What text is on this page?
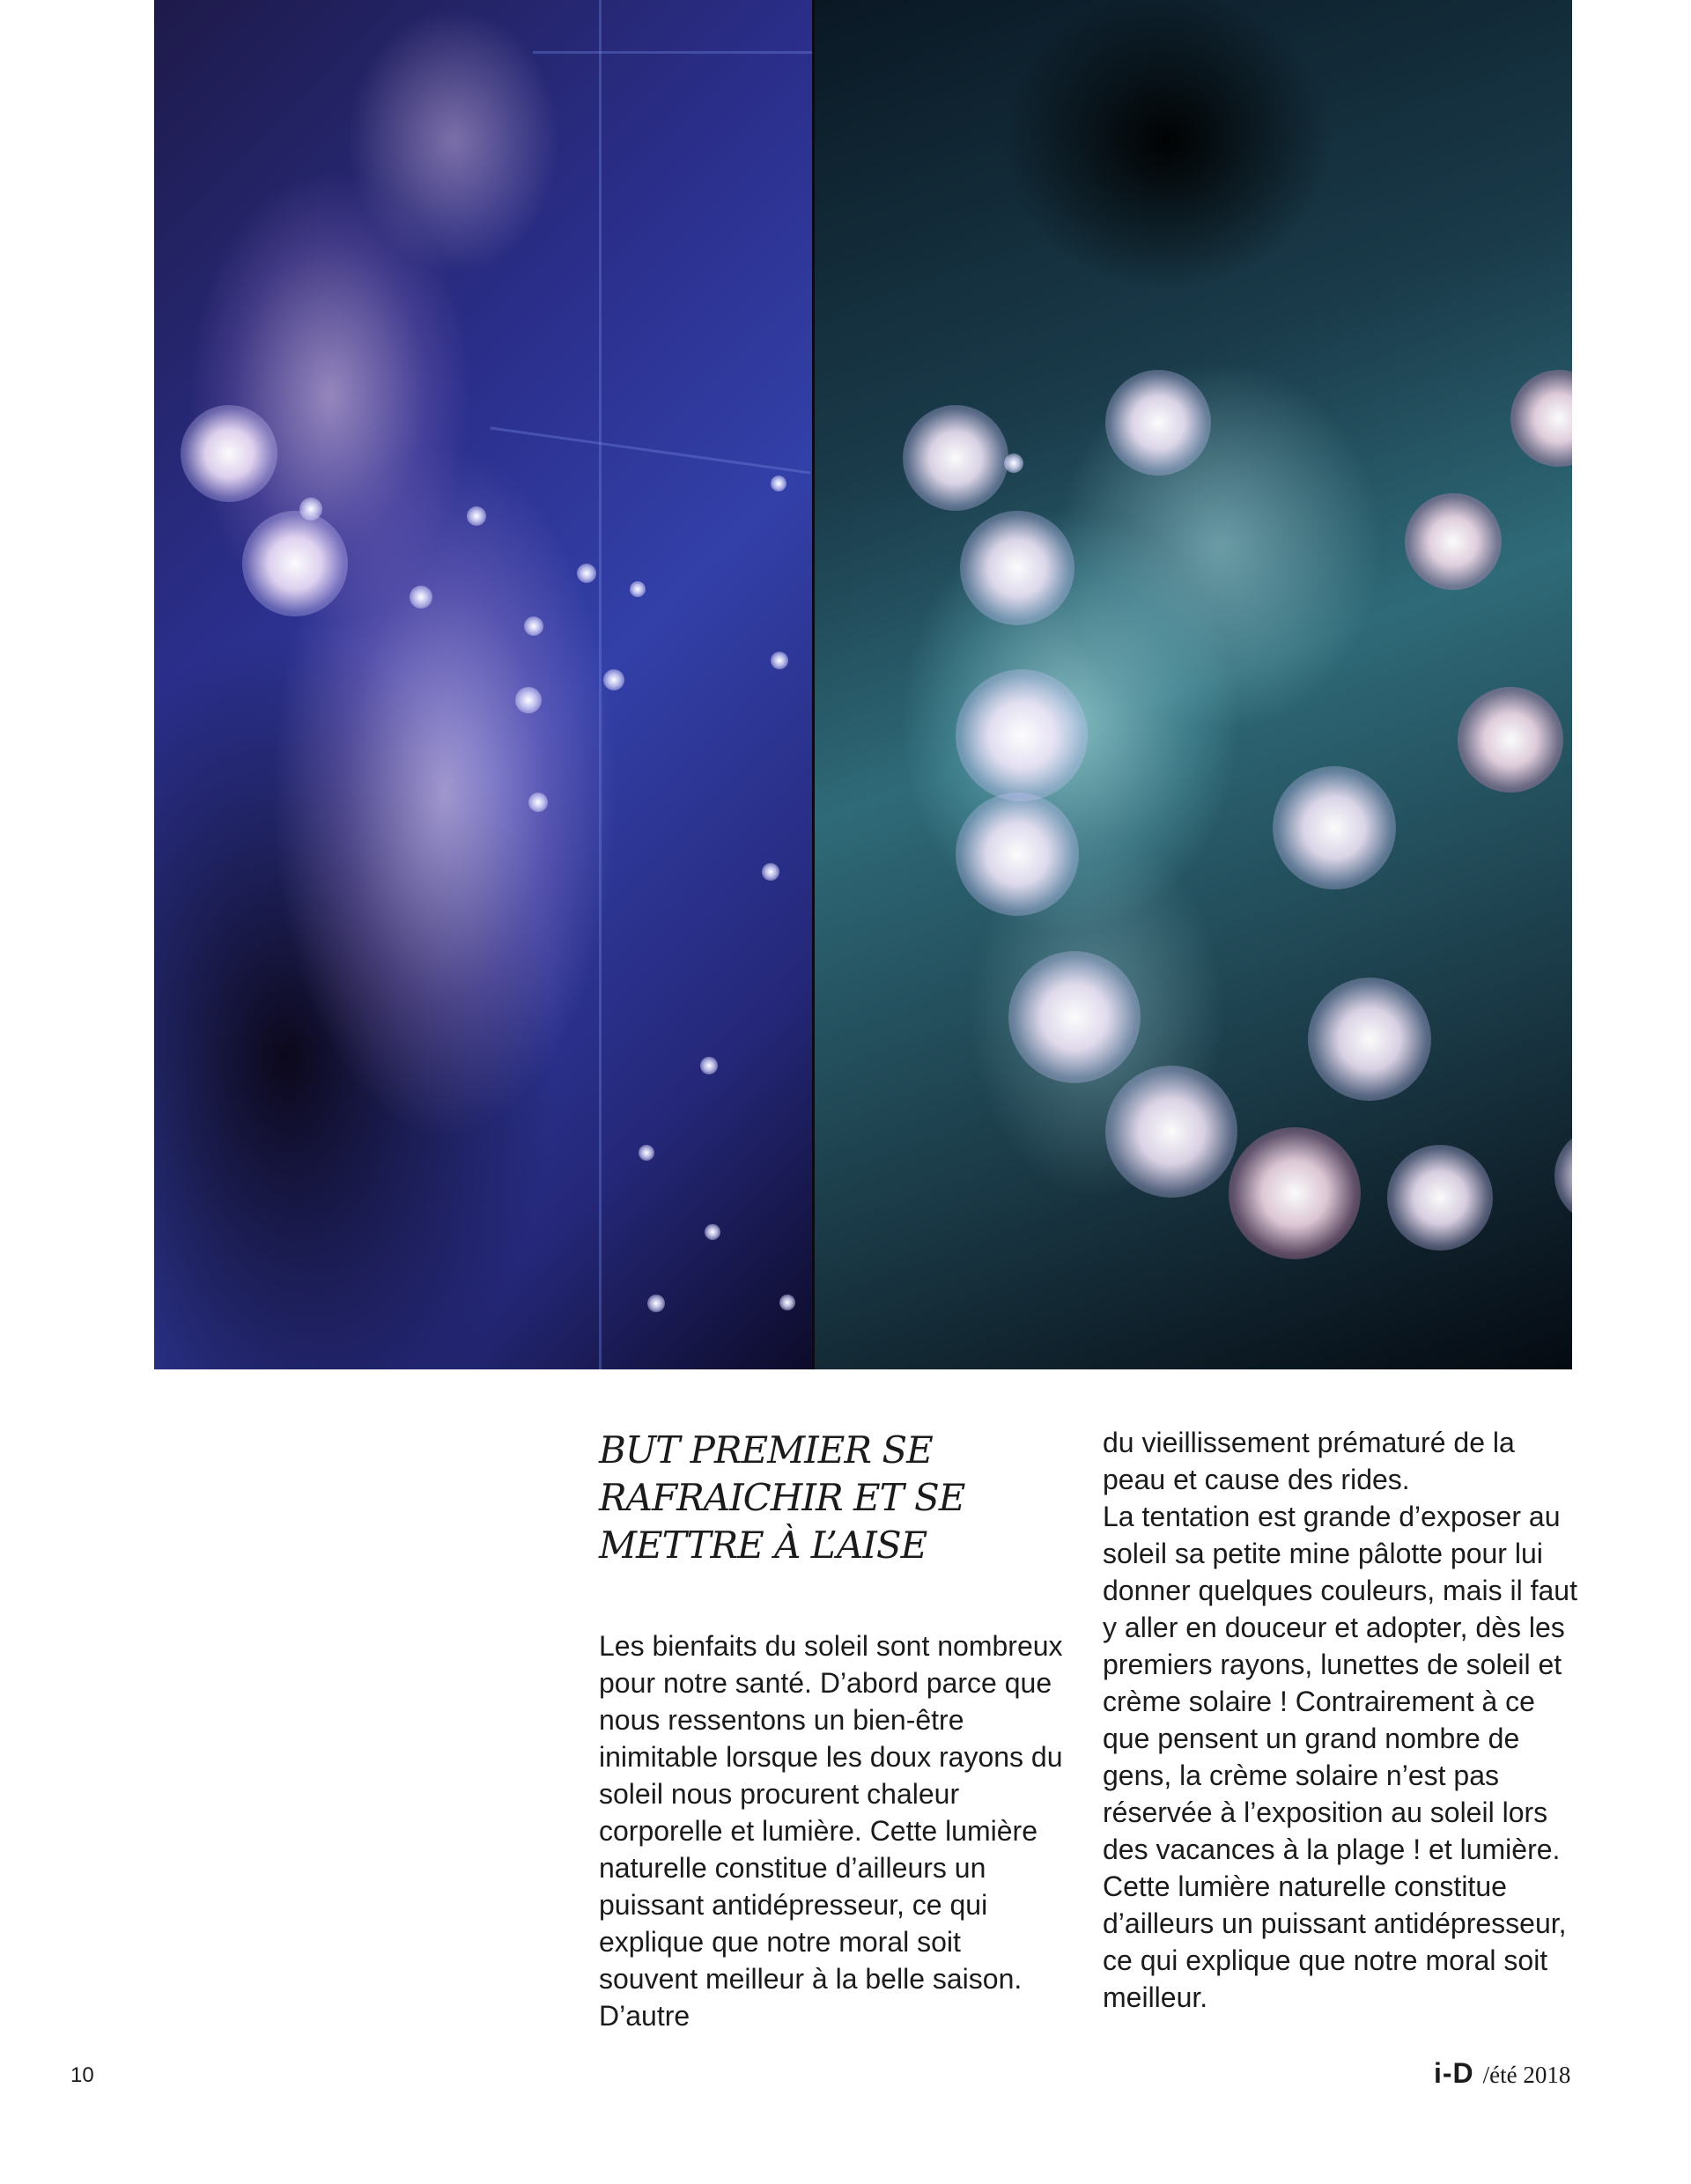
BUT PREMIER SE RAFRAICHIR ET SE METTRE À L’AISE

Les bienfaits du soleil sont nombreux pour notre santé. D’abord parce que nous ressentons un bien-être inimitable lorsque les doux rayons du soleil nous procurent chaleur corporelle et lumière. Cette lumière naturelle constitue d’ailleurs un puissant antidépresseur, ce qui explique que notre moral soit souvent meilleur à la belle saison. D’autre

du vieillissement prématuré de la peau et cause des rides.

La tentation est grande d’exposer au soleil sa petite mine pâlotte pour lui donner quelques couleurs, mais il faut y aller en douceur et adopter, dès les premiers rayons, lunettes de soleil et crème solaire ! Contrairement à ce que pensent un grand nombre de gens, la crème solaire n’est pas réservée à l’exposition au soleil lors des vacances à la plage ! et lumière. Cette lumière naturelle constitue d’ailleurs un puissant antidépresseur, ce qui explique que notre moral soit meilleur.

10	i-D /été 2018
